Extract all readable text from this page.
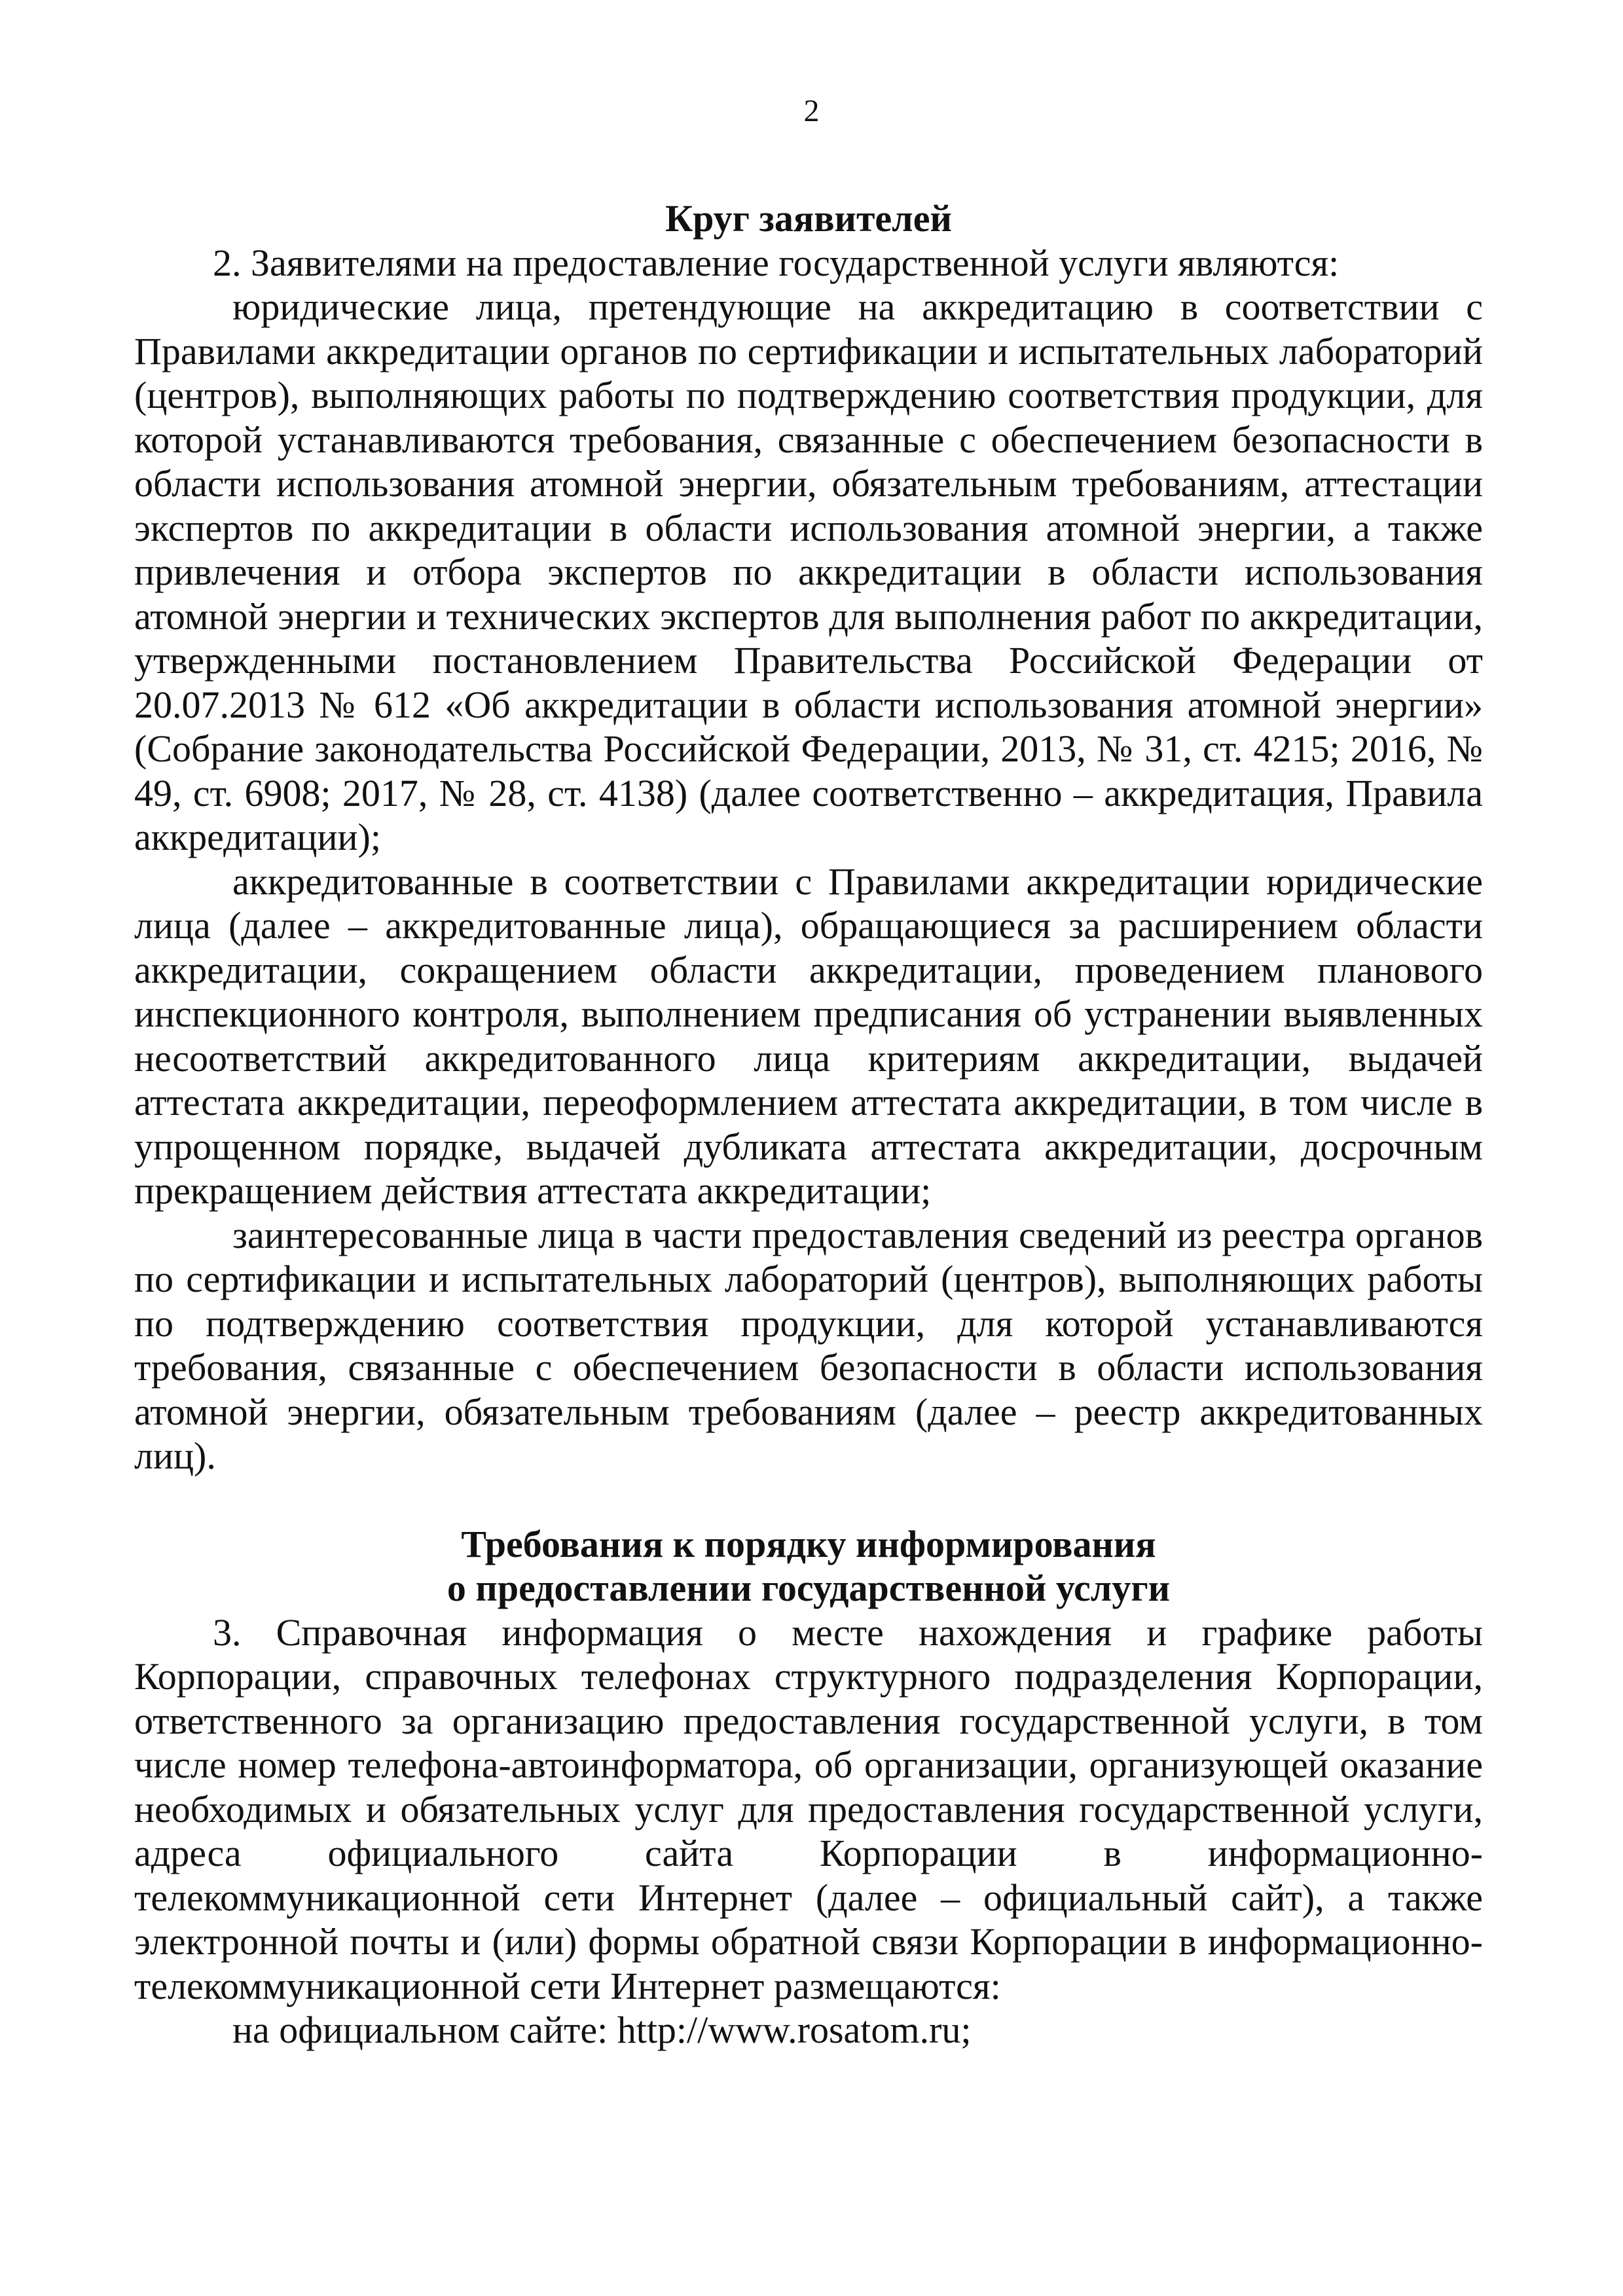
2

Круг заявителей

2. Заявителями на предоставление государственной услуги являются:

юридические лица, претендующие на аккредитацию в соответствии с Правилами аккредитации органов по сертификации и испытательных лабораторий (центров), выполняющих работы по подтверждению соответствия продукции, для которой устанавливаются требования, связанные с обеспечением безопасности в области использования атомной энергии, обязательным требованиям, аттестации экспертов по аккредитации в области использования атомной энергии, а также привлечения и отбора экспертов по аккредитации в области использования атомной энергии и технических экспертов для выполнения работ по аккредитации, утвержденными постановлением Правительства Российской Федерации от 20.07.2013 № 612 «Об аккредитации в области использования атомной энергии» (Собрание законодательства Российской Федерации, 2013, № 31, ст. 4215; 2016, № 49, ст. 6908; 2017, № 28, ст. 4138) (далее соответственно – аккредитация, Правила аккредитации);

аккредитованные в соответствии с Правилами аккредитации юридические лица (далее – аккредитованные лица), обращающиеся за расширением области аккредитации, сокращением области аккредитации, проведением планового инспекционного контроля, выполнением предписания об устранении выявленных несоответствий аккредитованного лица критериям аккредитации, выдачей аттестата аккредитации, переоформлением аттестата аккредитации, в том числе в упрощенном порядке, выдачей дубликата аттестата аккредитации, досрочным прекращением действия аттестата аккредитации;

заинтересованные лица в части предоставления сведений из реестра органов по сертификации и испытательных лабораторий (центров), выполняющих работы по подтверждению соответствия продукции, для которой устанавливаются требования, связанные с обеспечением безопасности в области использования атомной энергии, обязательным требованиям (далее – реестр аккредитованных лиц).

Требования к порядку информирования

о предоставлении государственной услуги

3. Справочная информация о месте нахождения и графике работы Корпорации, справочных телефонах структурного подразделения Корпорации, ответственного за организацию предоставления государственной услуги, в том числе номер телефона-автоинформатора, об организации, организующей оказание необходимых и обязательных услуг для предоставления государственной услуги, адреса официального сайта Корпорации в информационно-телекоммуникационной сети Интернет (далее – официальный сайт), а также электронной почты и (или) формы обратной связи Корпорации в информационно-телекоммуникационной сети Интернет размещаются:

на официальном сайте: http://www.rosatom.ru;
